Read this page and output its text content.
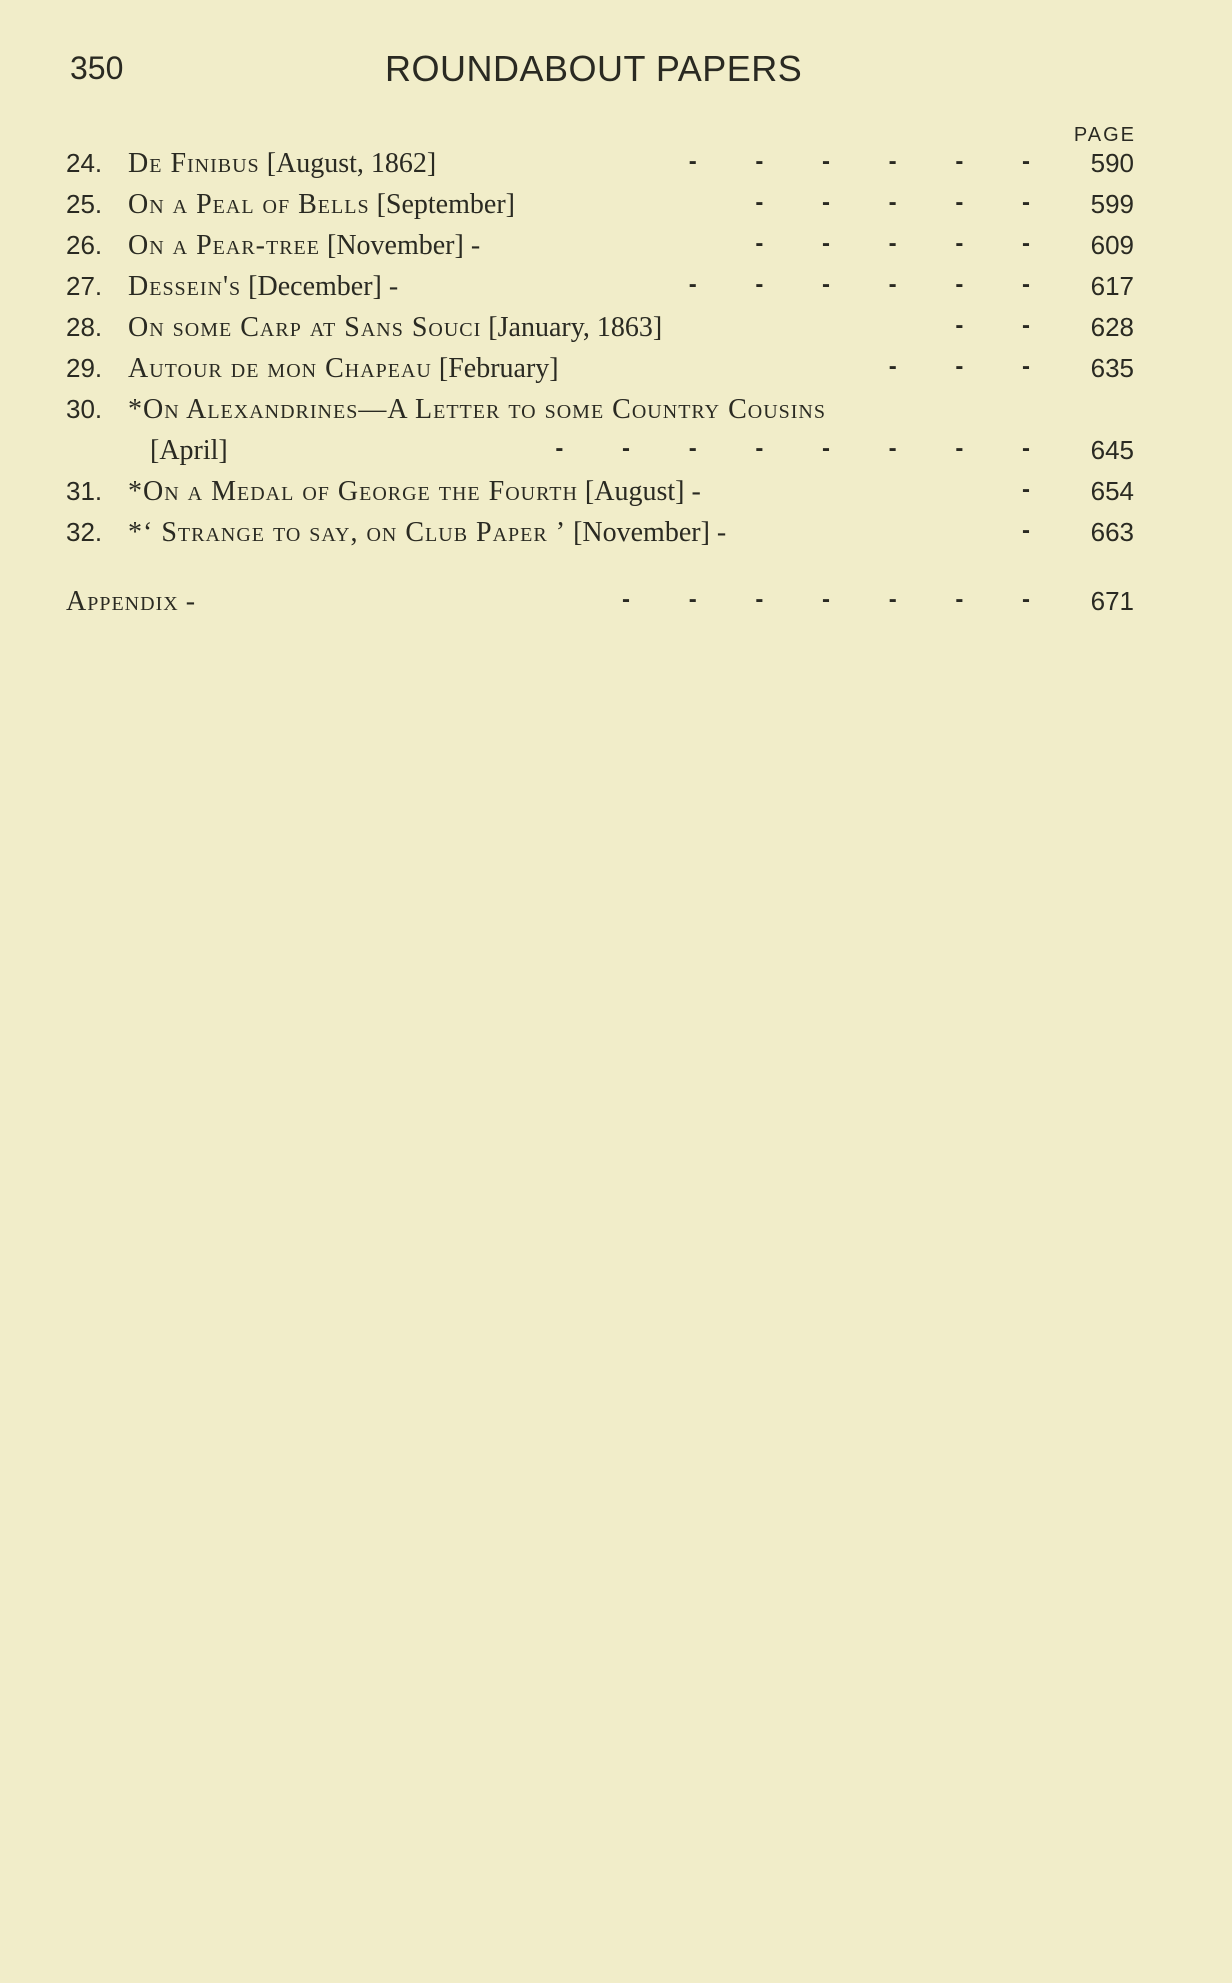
350	ROUNDABOUT PAPERS
PAGE
24. De Finibus [August, 1862]	- - - - - - 590
25. On a Peal of Bells [September]	- - - - - 599
26. On a Pear-tree [November] -	- - - - - 609
27. Dessein's [December] -	- - - - - - 617
28. On some Carp at Sans Souci [January, 1863]	- - 628
29. Autour de mon Chapeau [February]	- - - 635
30. *On Alexandrines—A Letter to some Country Cousins
[April]	- - - - - - - - 645
31. *On a Medal of George the Fourth [August] -	- 654
32. *‘ Strange to say, on Club Paper ’ [November] -	- 663
Appendix -	- - - - - - - 671
